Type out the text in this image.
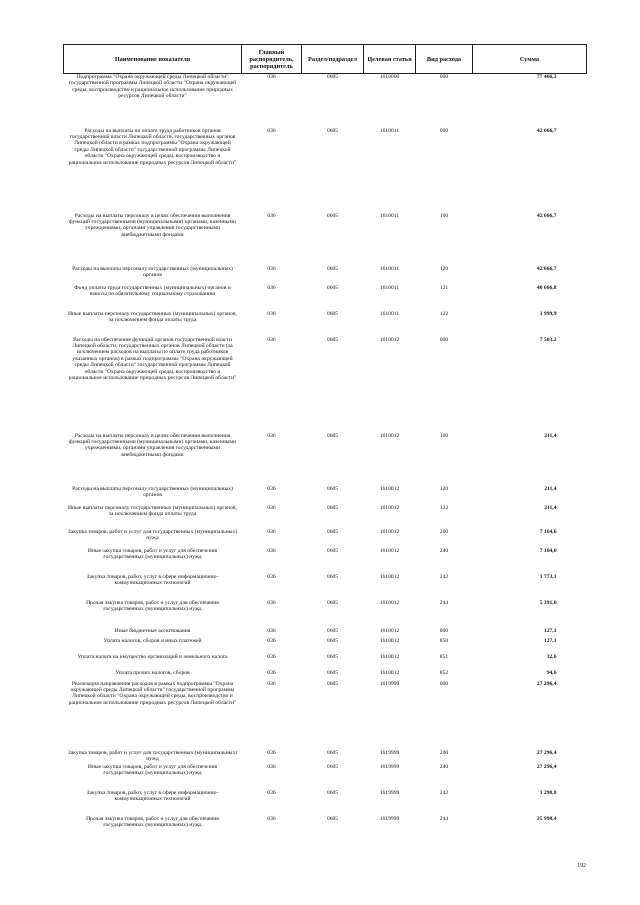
Наименование показателя	Главный распорядитель, распорядитель	Раздел/подраздел	Целевая статья	Вид расхода	Сумма
Подпрограмма "Охрана окружающей среды Липецкой области" государственной программы Липецкой области "Охрана окружающей среды, воспроизводство и рациональное использование природных ресурсов Липецкой области"	036	0605	1610000	000	77 466,3
Расходы на выплаты по оплате труда работников органов государственной власти Липецкой области, государственных органов Липецкой области в рамках подпрограммы "Охрана окружающей среды Липецкой области" государственной программы Липецкой области "Охрана окружающей среды, воспроизводство и рациональное использование природных ресурсов Липецкой области"	036	0605	1610011	000	42 666,7
Расходы на выплаты персоналу в целях обеспечения выполнения функций государственными (муниципальными) органами, казенными учреждениями, органами управления государственными внебюджетными фондами	036	0605	1610011	100	42 666,7
Расходы на выплаты персоналу государственных (муниципальных) органов	036	0605	1610011	120	42 666,7
Фонд оплаты труда государственных (муниципальных) органов и взносы по обязательному социальному страхованию	036	0605	1610011	121	40 666,8
Иные выплаты персоналу государственных (муниципальных) органов, за исключением фонда оплаты труда	036	0605	1610011	122	1 999,9
Расходы на обеспечение функций органов государственной власти Липецкой области, государственных органов Липецкой области (за исключением расходов на выплаты по оплате труда работников указанных органов) в рамках подпрограммы "Охрана окружающей среды Липецкой области" государственной программы Липецкой области "Охрана окружающей среды, воспроизводство и рациональное использование природных ресурсов Липецкой области"	036	0605	1610012	000	7 503,2
Расходы на выплаты персоналу в целях обеспечения выполнения функций государственными (муниципальными) органами, казенными учреждениями, органами управления государственными внебюджетными фондами	036	0605	1610012	100	211,4
Расходы на выплаты персоналу государственных (муниципальных) органов	036	0605	1610012	120	211,4
Иные выплаты персоналу государственных (муниципальных) органов, за исключением фонда оплаты труда	036	0605	1610012	122	211,4
Закупка товаров, работ и услуг для государственных (муниципальных) нужд	036	0605	1610012	200	7 164,6
Иные закупки товаров, работ и услуг для обеспечения государственных (муниципальных) нужд	036	0605	1610012	240	7 164,6
Закупка товаров, работ, услуг в сфере информационно-коммуникационных технологий	036	0605	1610012	242	1 773,1
Прочая закупка товаров, работ и услуг для обеспечения государственных (муниципальных) нужд	036	0605	1610012	244	5 391,6
Иные бюджетные ассигнования	036	0605	1610012	800	127,1
Уплата налогов, сборов и иных платежей	036	0605	1610012	850	127,1
Уплата налога на имущество организаций и земельного налога	036	0605	1610012	851	32,6
Уплата прочих налогов, сборов	036	0605	1610012	852	94,6
Реализация направления расходов в рамках подпрограммы "Охрана окружающей среды Липецкой области" государственной программы Липецкой области "Охрана окружающей среды, воспроизводство и рациональное использование природных ресурсов Липецкой области"	036	0605	1619999	000	27 296,4
Закупка товаров, работ и услуг для государственных (муниципальных) нужд	036	0605	1619999	200	27 296,4
Иные закупки товаров, работ и услуг для обеспечения государственных (муниципальных) нужд	036	0605	1619999	240	27 296,4
Закупка товаров, работ, услуг в сфере информационно-коммуникационных технологий	036	0605	1619999	242	1 298,0
Прочая закупка товаров, работ и услуг для обеспечения государственных (муниципальных) нужд	036	0605	1619999	244	25 998,4
192
